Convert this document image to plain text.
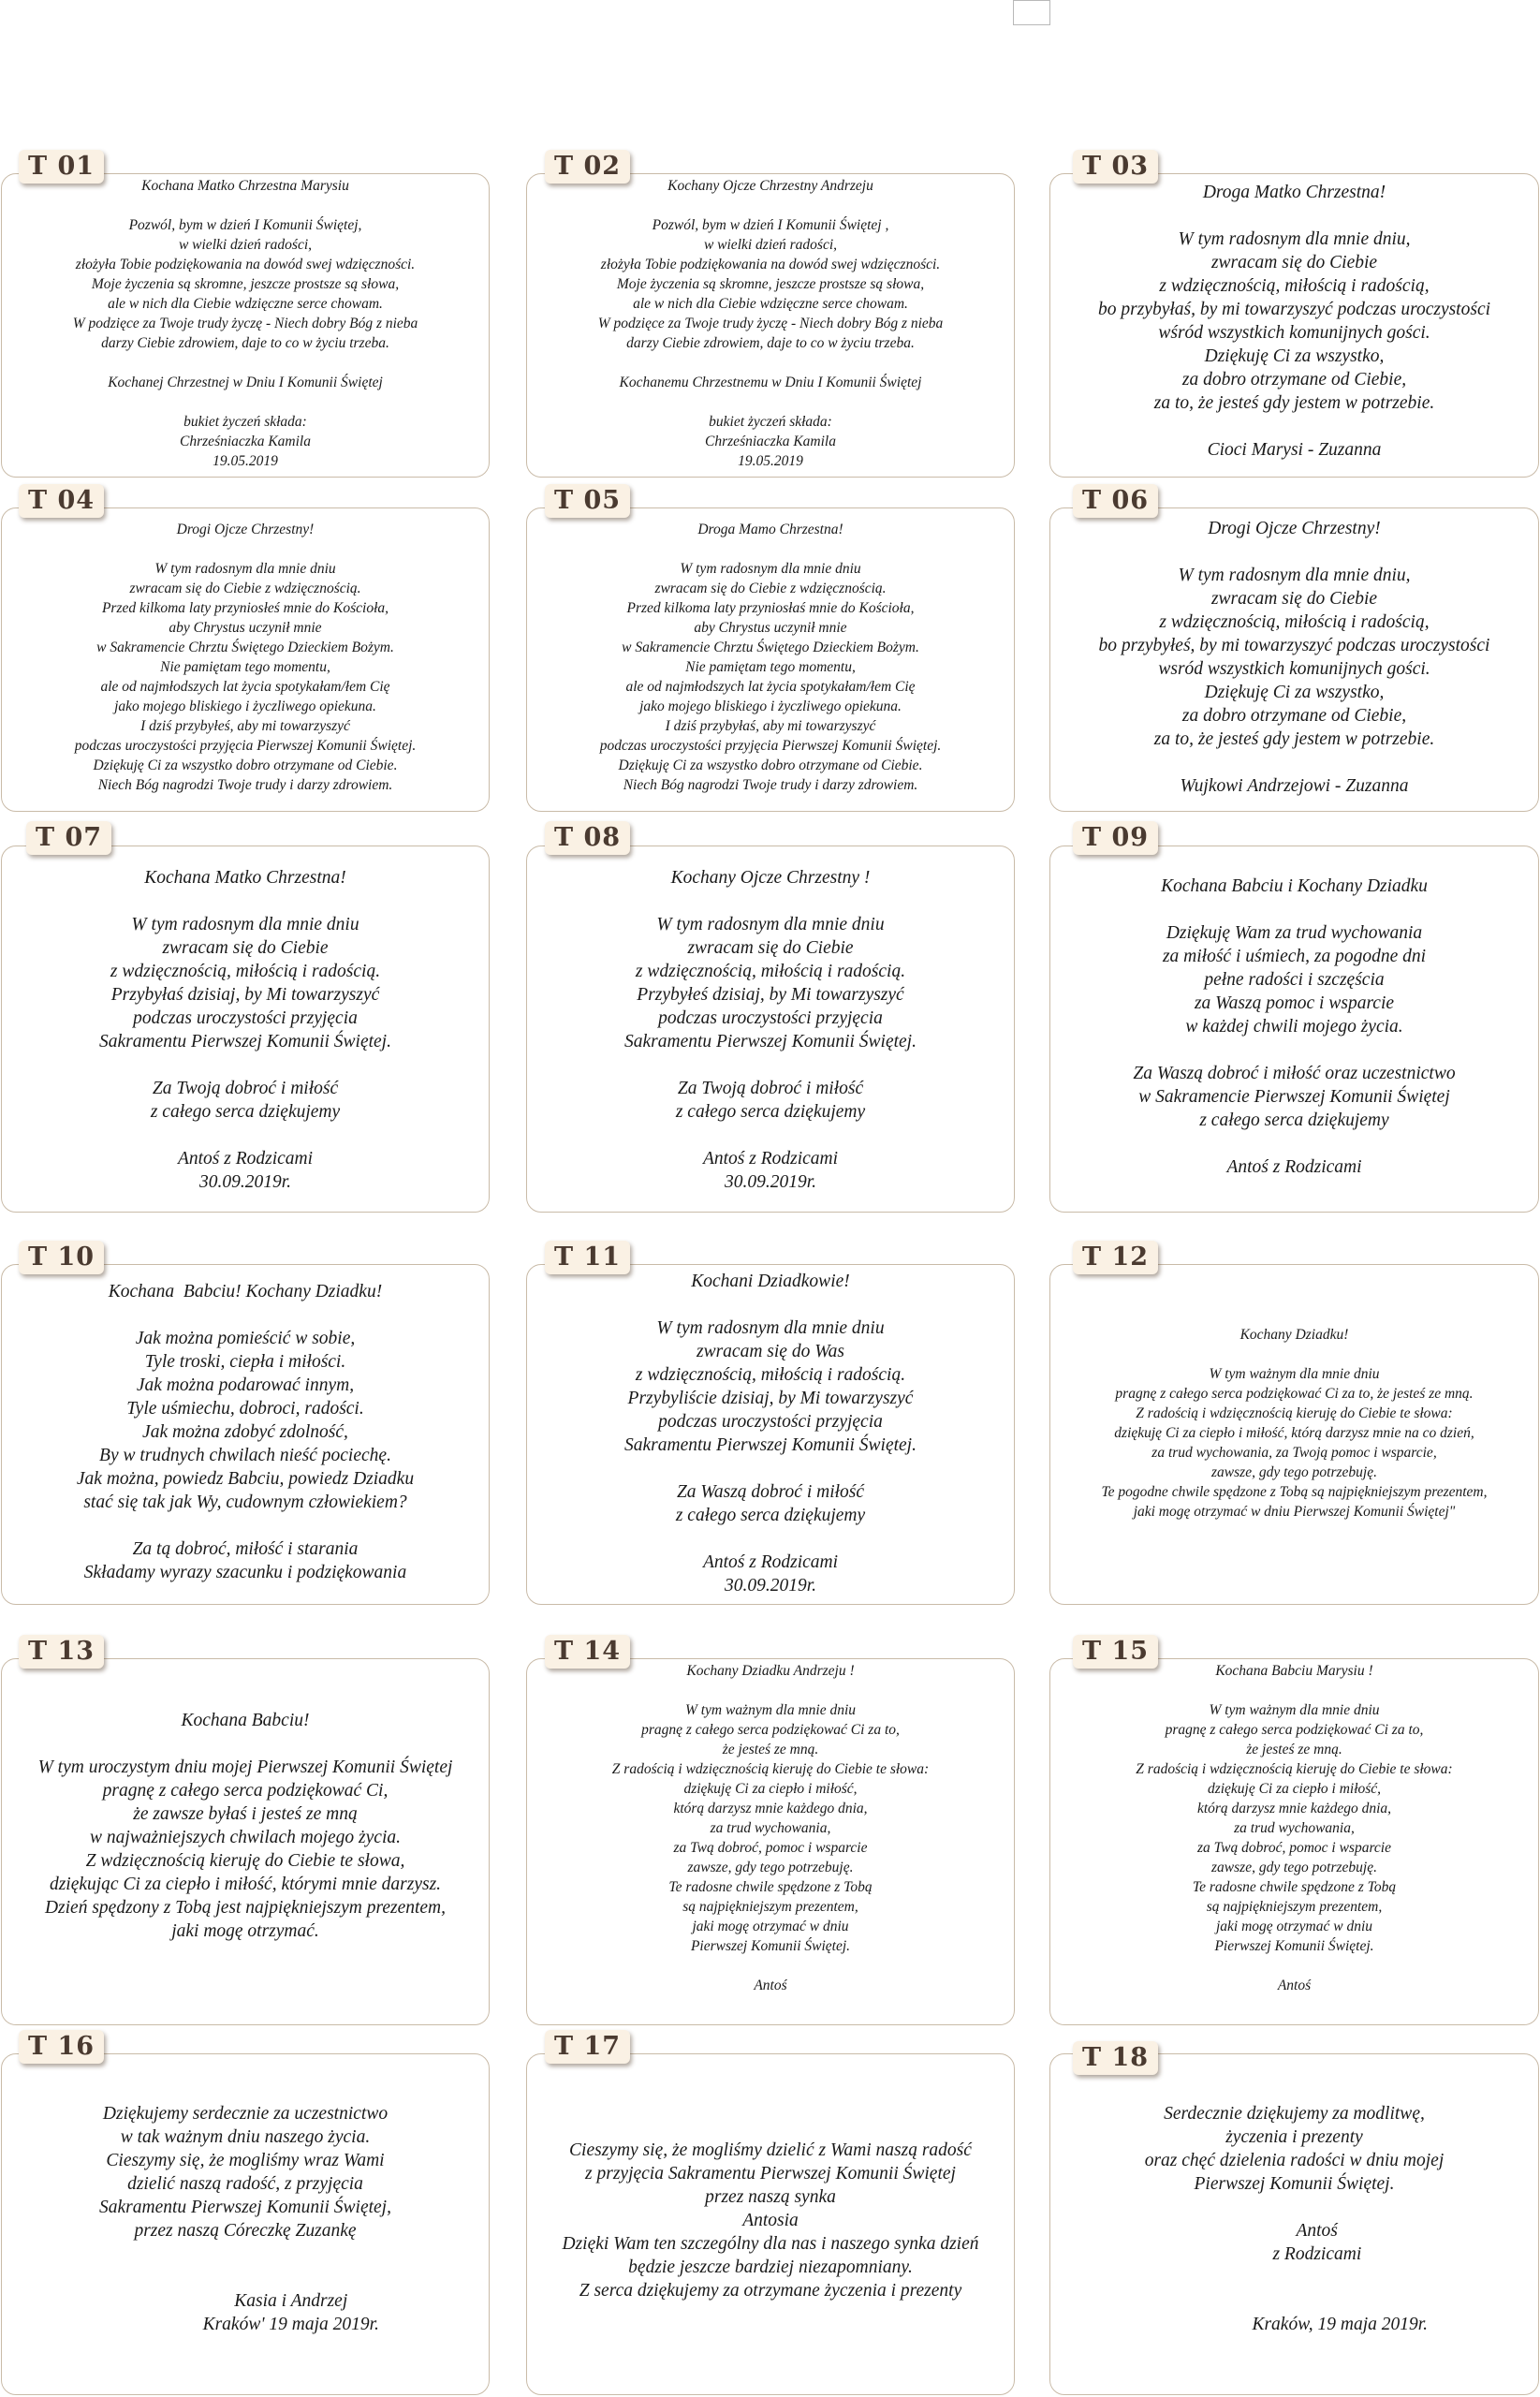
T 01
Kochana Matko Chrzestna Marysiu

Pozwól, bym w dzień I Komunii Świętej,
w wielki dzień radości,
złożyła Tobie podziękowania na dowód swej wdzięczności.
Moje życzenia są skromne, jeszcze prostsze są słowa,
ale w nich dla Ciebie wdzięczne serce chowam.
W podzięce za Twoje trudy życzę - Niech dobry Bóg z nieba
darzy Ciebie zdrowiem, daje to co w życiu trzeba.

Kochanej Chrzestnej w Dniu I Komunii Świętej

bukiet życzeń składa:
Chrześniaczka Kamila
19.05.2019
T 02
Kochany Ojcze Chrzestny Andrzeju

Pozwól, bym w dzień I Komunii Świętej ,
w wielki dzień radości,
złożyła Tobie podziękowania na dowód swej wdzięczności.
Moje życzenia są skromne, jeszcze prostsze są słowa,
ale w nich dla Ciebie wdzięczne serce chowam.
W podzięce za Twoje trudy życzę - Niech dobry Bóg z nieba
darzy Ciebie zdrowiem, daje to co w życiu trzeba.

Kochanemu Chrzestnemu w Dniu I Komunii Świętej

bukiet życzeń składa:
Chrześniaczka Kamila
19.05.2019
T 03
Droga Matko Chrzestna!

W tym radosnym dla mnie dniu,
zwracam się do Ciebie
z wdzięcznością, miłością i radością,
bo przybyłaś, by mi towarzyszyć podczas uroczystości
wśród wszystkich komunijnych gości.
Dziękuję Ci za wszystko,
za dobro otrzymane od Ciebie,
za to, że jesteś gdy jestem w potrzebie.

Cioci Marysi - Zuzanna
T 04
Drogi Ojcze Chrzestny!

W tym radosnym dla mnie dniu
zwracam się do Ciebie z wdzięcznością.
Przed kilkoma laty przyniosłeś mnie do Kościoła,
aby Chrystus uczynił mnie
w Sakramencie Chrztu Świętego Dzieckiem Bożym.
Nie pamiętam tego momentu,
ale od najmłodszych lat życia spotykałam/łem Cię
jako mojego bliskiego i życzliwego opiekuna.
I dziś przybyłeś, aby mi towarzyszyć
podczas uroczystości przyjęcia Pierwszej Komunii Świętej.
Dziękuję Ci za wszystko dobro otrzymane od Ciebie.
Niech Bóg nagrodzi Twoje trudy i darzy zdrowiem.
T 05
Droga Mamo Chrzestna!

W tym radosnym dla mnie dniu
zwracam się do Ciebie z wdzięcznością.
Przed kilkoma laty przyniosłaś mnie do Kościoła,
aby Chrystus uczynił mnie
w Sakramencie Chrztu Świętego Dzieckiem Bożym.
Nie pamiętam tego momentu,
ale od najmłodszych lat życia spotykałam/łem Cię
jako mojego bliskiego i życzliwego opiekuna.
I dziś przybyłaś, aby mi towarzyszyć
podczas uroczystości przyjęcia Pierwszej Komunii Świętej.
Dziękuję Ci za wszystko dobro otrzymane od Ciebie.
Niech Bóg nagrodzi Twoje trudy i darzy zdrowiem.
T 06
Drogi Ojcze Chrzestny!

W tym radosnym dla mnie dniu,
zwracam się do Ciebie
z wdzięcznością, miłością i radością,
bo przybyłeś, by mi towarzyszyć podczas uroczystości
wsród wszystkich komunijnych gości.
Dziękuję Ci za wszystko,
za dobro otrzymane od Ciebie,
za to, że jesteś gdy jestem w potrzebie.

Wujkowi Andrzejowi - Zuzanna
T 07
Kochana Matko Chrzestna!

W tym radosnym dla mnie dniu
zwracam się do Ciebie
z wdzięcznością, miłością i radością.
Przybyłaś dzisiaj, by Mi towarzyszyć
podczas uroczystości przyjęcia
Sakramentu Pierwszej Komunii Świętej.

Za Twoją dobroć i miłość
z całego serca dziękujemy

Antoś z Rodzicami
30.09.2019r.
T 08
Kochany Ojcze Chrzestny !

W tym radosnym dla mnie dniu
zwracam się do Ciebie
z wdzięcznością, miłością i radością.
Przybyłeś dzisiaj, by Mi towarzyszyć
podczas uroczystości przyjęcia
Sakramentu Pierwszej Komunii Świętej.

Za Twoją dobroć i miłość
z całego serca dziękujemy

Antoś z Rodzicami
30.09.2019r.
T 09
Kochana Babciu i Kochany Dziadku

Dziękuję Wam za trud wychowania
za miłość i uśmiech, za pogodne dni
pełne radości i szczęścia
za Waszą pomoc i wsparcie
w każdej chwili mojego życia.

Za Waszą dobroć i miłość oraz uczestnictwo
w Sakramencie Pierwszej Komunii Świętej
z całego serca dziękujemy

Antoś z Rodzicami
T 10
Kochana  Babciu! Kochany Dziadku!

Jak można pomieścić w sobie,
Tyle troski, ciepła i miłości.
Jak można podarować innym,
Tyle uśmiechu, dobroci, radości.
Jak można zdobyć zdolność,
By w trudnych chwilach nieść pociechę.
Jak można, powiedz Babciu, powiedz Dziadku
stać się tak jak Wy, cudownym człowiekiem?

Za tą dobroć, miłość i starania
Składamy wyrazy szacunku i podziękowania
T 11
Kochani Dziadkowie!

W tym radosnym dla mnie dniu
zwracam się do Was
z wdzięcznością, miłością i radością.
Przybyliście dzisiaj, by Mi towarzyszyć
podczas uroczystości przyjęcia
Sakramentu Pierwszej Komunii Świętej.

Za Waszą dobroć i miłość
z całego serca dziękujemy

Antoś z Rodzicami
30.09.2019r.
T 12
Kochany Dziadku!

W tym ważnym dla mnie dniu
pragnę z całego serca podziękować Ci za to, że jesteś ze mną.
Z radością i wdzięcznością kieruję do Ciebie te słowa:
dziękuję Ci za ciepło i miłość, którą darzysz mnie na co dzień,
za trud wychowania, za Twoją pomoc i wsparcie,
zawsze, gdy tego potrzebuję.
Te pogodne chwile spędzone z Tobą są najpiękniejszym prezentem,
jaki mogę otrzymać w dniu Pierwszej Komunii Świętej"
T 13
Kochana Babciu!

W tym uroczystym dniu mojej Pierwszej Komunii Świętej
pragnę z całego serca podziękować Ci,
że zawsze byłaś i jesteś ze mną
w najważniejszych chwilach mojego życia.
Z wdzięcznością kieruję do Ciebie te słowa,
dziękując Ci za ciepło i miłość, którymi mnie darzysz.
Dzień spędzony z Tobą jest najpiękniejszym prezentem,
jaki mogę otrzymać.
T 14
Kochany Dziadku Andrzeju !

W tym ważnym dla mnie dniu
pragnę z całego serca podziękować Ci za to,
że jesteś ze mną.
Z radością i wdzięcznością kieruję do Ciebie te słowa:
dziękuję Ci za ciepło i miłość,
którą darzysz mnie każdego dnia,
za trud wychowania,
za Twą dobroć, pomoc i wsparcie
zawsze, gdy tego potrzebuję.
Te radosne chwile spędzone z Tobą
są najpiękniejszym prezentem,
jaki mogę otrzymać w dniu
Pierwszej Komunii Świętej.

Antoś
T 15
Kochana Babciu Marysiu !

W tym ważnym dla mnie dniu
pragnę z całego serca podziękować Ci za to,
że jesteś ze mną.
Z radością i wdzięcznością kieruję do Ciebie te słowa:
dziękuję Ci za ciepło i miłość,
którą darzysz mnie każdego dnia,
za trud wychowania,
za Twą dobroć, pomoc i wsparcie
zawsze, gdy tego potrzebuję.
Te radosne chwile spędzone z Tobą
są najpiękniejszym prezentem,
jaki mogę otrzymać w dniu
Pierwszej Komunii Świętej.

Antoś
T 16
Dziękujemy serdecznie za uczestnictwo
w tak ważnym dniu naszego życia.
Cieszymy się, że mogliśmy wraz Wami
dzielić naszą radość, z przyjęcia
Sakramentu Pierwszej Komunii Świętej,
przez naszą Córeczkę Zuzankę

Kasia i Andrzej
Kraków' 19 maja 2019r.
T 17
Cieszymy się, że mogliśmy dzielić z Wami naszą radość
z przyjęcia Sakramentu Pierwszej Komunii Świętej
przez naszą synka
Antosia
Dzięki Wam ten szczególny dla nas i naszego synka dzień
będzie jeszcze bardziej niezapomniany.
Z serca dziękujemy za otrzymane życzenia i prezenty
T 18
Serdecznie dziękujemy za modlitwę,
życzenia i prezenty
oraz chęć dzielenia radości w dniu mojej
Pierwszej Komunii Świętej.

Antoś
z Rodzicami

Kraków, 19 maja 2019r.
